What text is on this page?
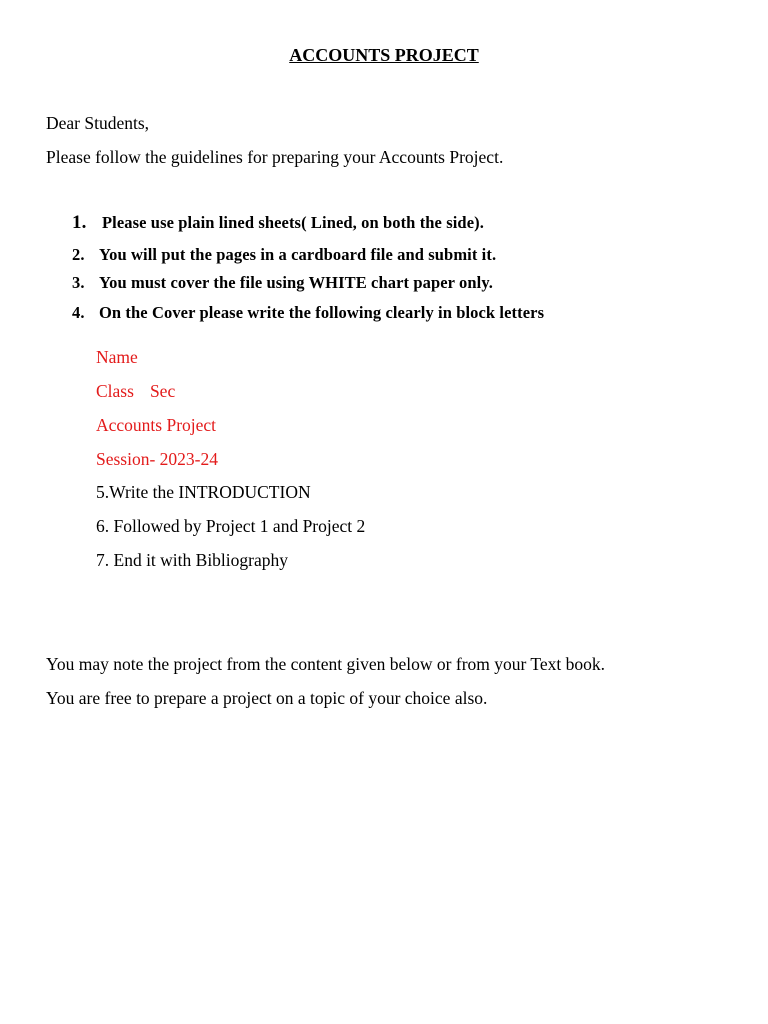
ACCOUNTS PROJECT
Dear Students,
Please follow the guidelines for preparing your Accounts Project.
1. Please use plain lined sheets( Lined, on both the side).
2. You will put the pages in a cardboard file and submit it.
3. You must cover the file using WHITE chart paper only.
4. On the Cover please write the following clearly in block letters
Name
Class Sec
Accounts Project
Session- 2023-24
5.Write the INTRODUCTION
6. Followed by Project 1 and Project 2
7. End it with Bibliography
You may note the project from the content given below or from your Text book.
You are free to prepare a project on a topic of your choice also.
